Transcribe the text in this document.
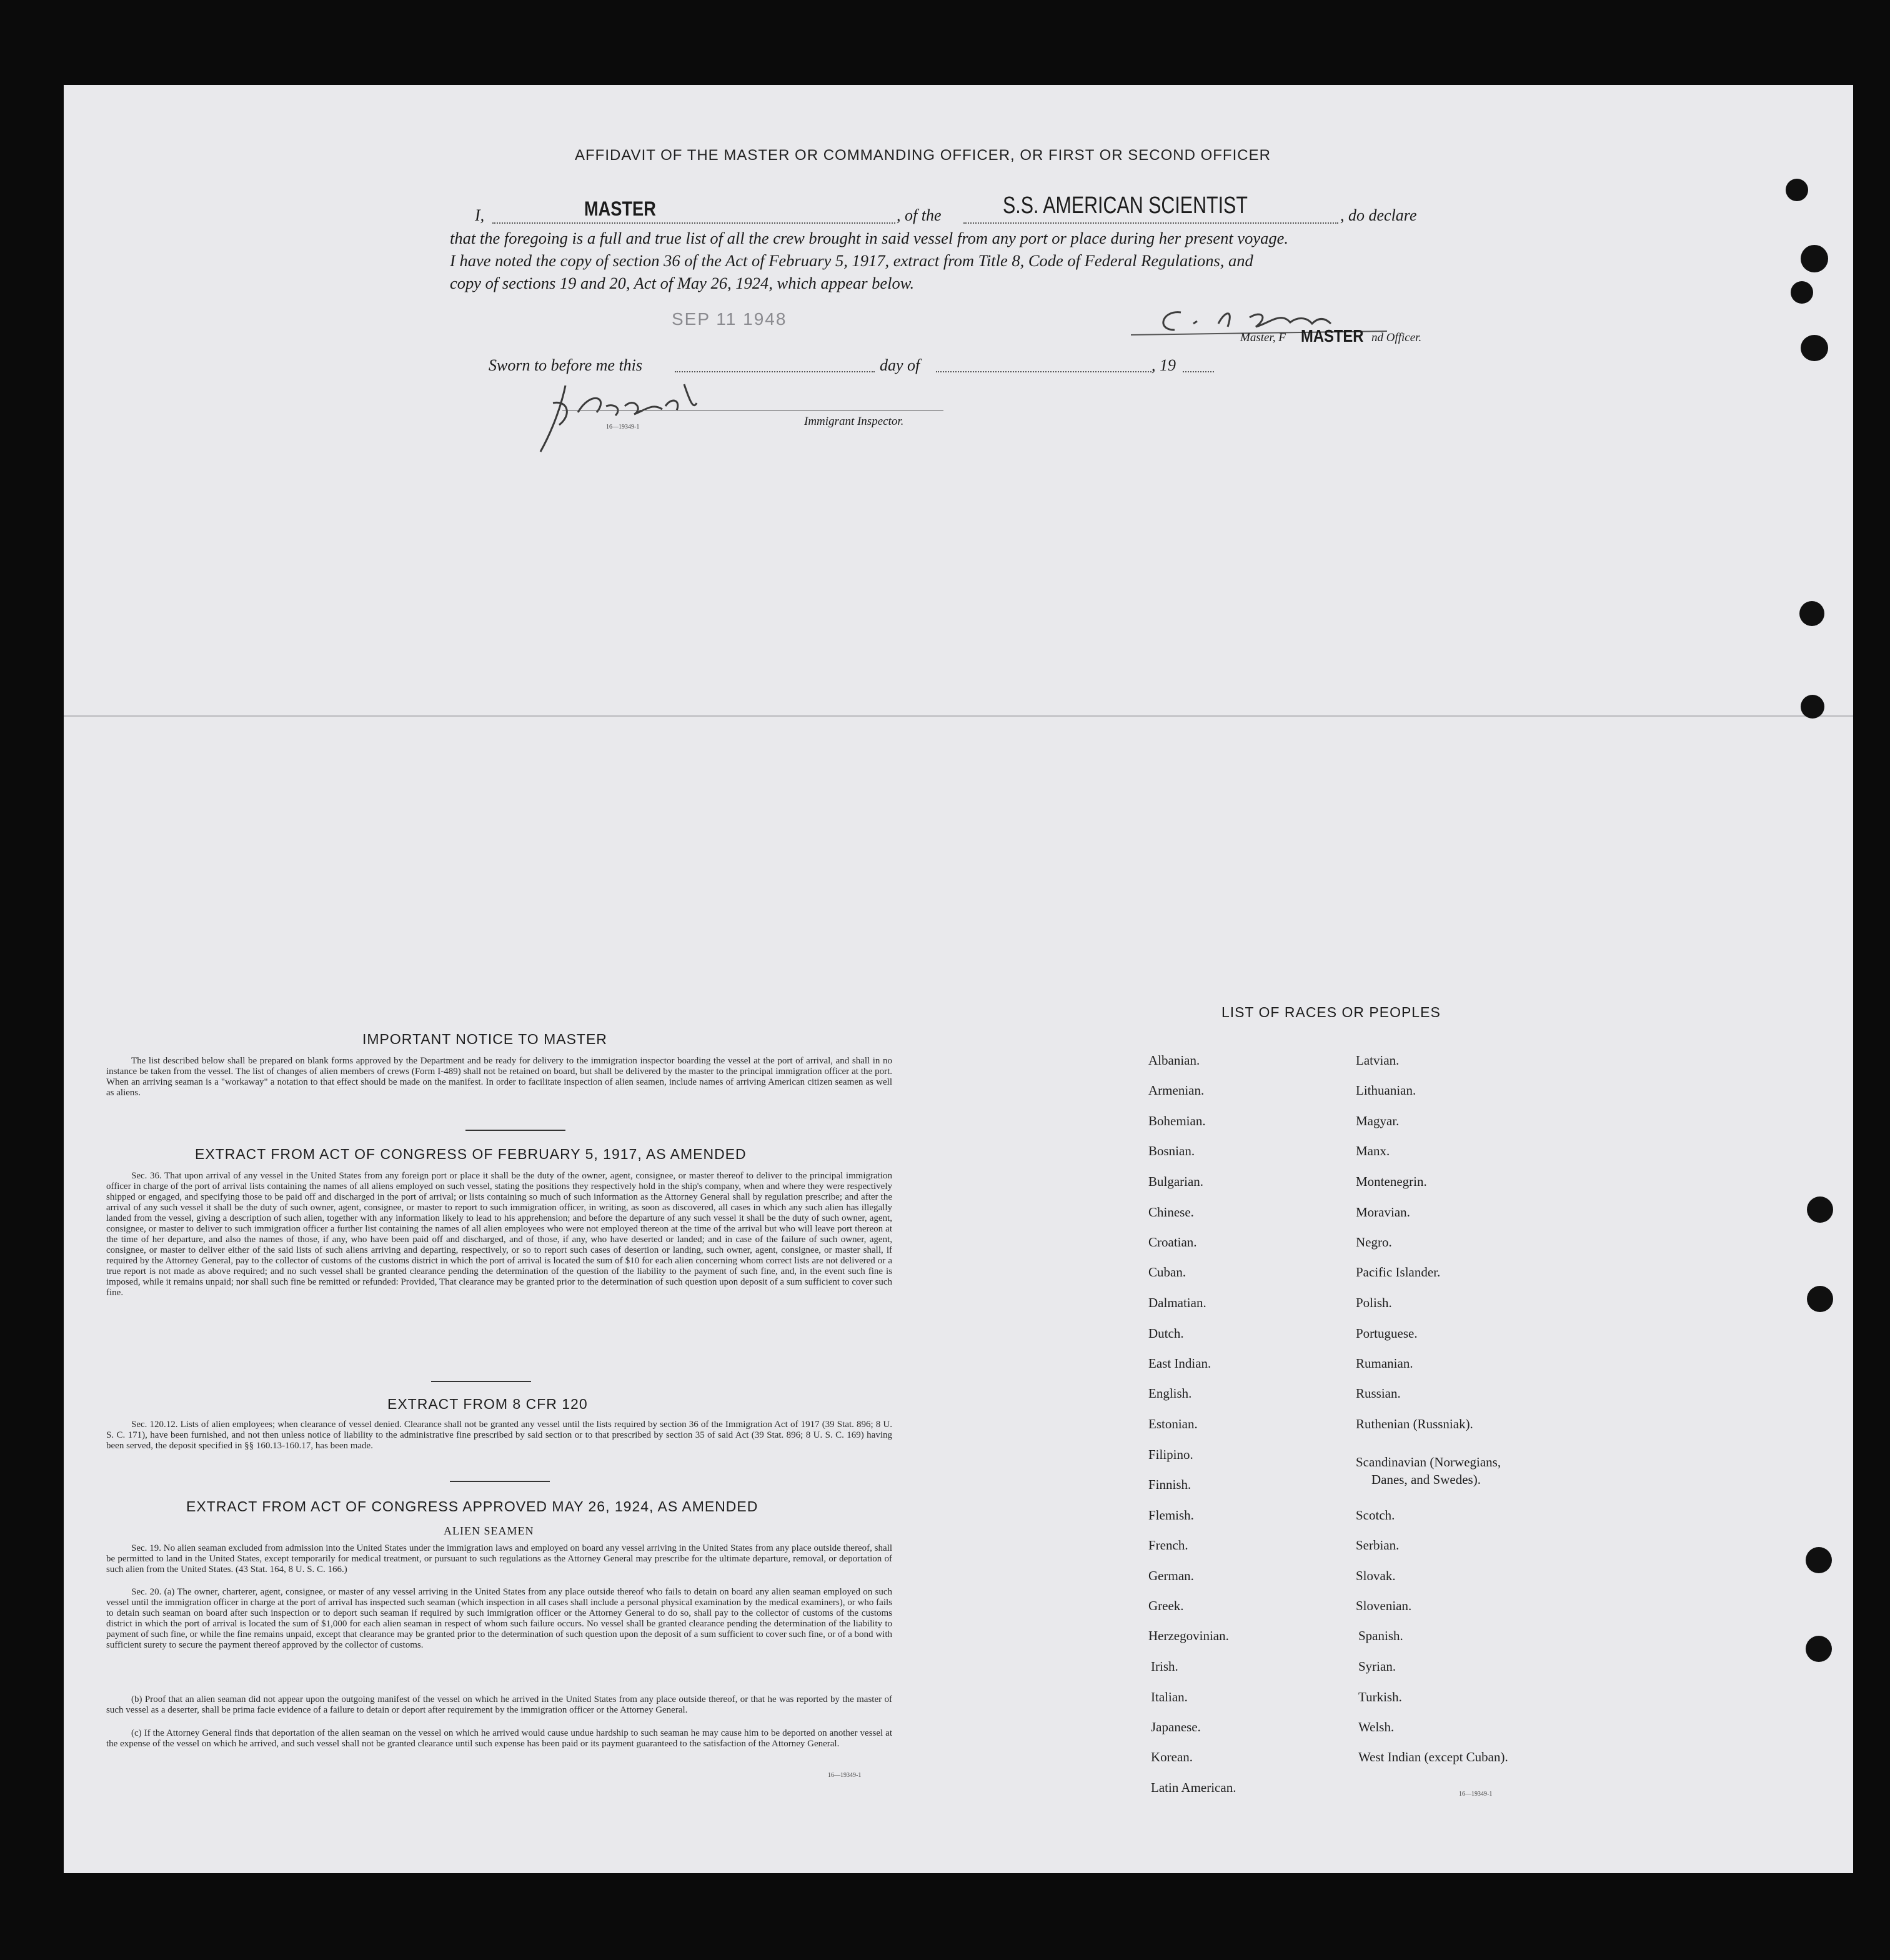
AFFIDAVIT OF THE MASTER OR COMMANDING OFFICER, OR FIRST OR SECOND OFFICER
I,	MASTER	, of the	S.S. AMERICAN SCIENTIST	, do declare
that the foregoing is a full and true list of all the crew brought in said vessel from any port or place during her present voyage.
I have noted the copy of section 36 of the Act of February 5, 1917, extract from Title 8, Code of Federal Regulations, and
copy of sections 19 and 20, Act of May 26, 1924, which appear below.
SEP 11 1948
Master, F MASTER nd Officer.
Sworn to before me this	day of	, 19
16—19349-1	Immigrant Inspector.
IMPORTANT NOTICE TO MASTER
The list described below shall be prepared on blank forms approved by the Department and be ready for delivery to the immigration inspector boarding the vessel at the port of arrival, and shall in no instance be taken from the vessel. The list of changes of alien members of crews (Form I-489) shall not be retained on board, but shall be delivered by the master to the principal immigration officer at the port. When an arriving seaman is a "workaway" a notation to that effect should be made on the manifest. In order to facilitate inspection of alien seamen, include names of arriving American citizen seamen as well as aliens.
EXTRACT FROM ACT OF CONGRESS OF FEBRUARY 5, 1917, AS AMENDED
Sec. 36. That upon arrival of any vessel in the United States from any foreign port or place it shall be the duty of the owner, agent, consignee, or master thereof to deliver to the principal immigration officer in charge of the port of arrival lists containing the names of all aliens employed on such vessel, stating the positions they respectively hold in the ship's company, when and where they were respectively shipped or engaged, and specifying those to be paid off and discharged in the port of arrival; or lists containing so much of such information as the Attorney General shall by regulation prescribe; and after the arrival of any such vessel it shall be the duty of such owner, agent, consignee, or master to report to such immigration officer, in writing, as soon as discovered, all cases in which any such alien has illegally landed from the vessel, giving a description of such alien, together with any information likely to lead to his apprehension; and before the departure of any such vessel it shall be the duty of such owner, agent, consignee, or master to deliver to such immigration officer a further list containing the names of all alien employees who were not employed thereon at the time of the arrival but who will leave port thereon at the time of her departure, and also the names of those, if any, who have been paid off and discharged, and of those, if any, who have deserted or landed; and in case of the failure of such owner, agent, consignee, or master to deliver either of the said lists of such aliens arriving and departing, respectively, or so to report such cases of desertion or landing, such owner, agent, consignee, or master shall, if required by the Attorney General, pay to the collector of customs of the customs district in which the port of arrival is located the sum of $10 for each alien concerning whom correct lists are not delivered or a true report is not made as above required; and no such vessel shall be granted clearance pending the determination of the question of the liability to the payment of such fine, and, in the event such fine is imposed, while it remains unpaid; nor shall such fine be remitted or refunded: Provided, That clearance may be granted prior to the determination of such question upon deposit of a sum sufficient to cover such fine.
EXTRACT FROM 8 CFR 120
Sec. 120.12. Lists of alien employees; when clearance of vessel denied. Clearance shall not be granted any vessel until the lists required by section 36 of the Immigration Act of 1917 (39 Stat. 896; 8 U. S. C. 171), have been furnished, and not then unless notice of liability to the administrative fine prescribed by said section or to that prescribed by section 35 of said Act (39 Stat. 896; 8 U. S. C. 169) having been served, the deposit specified in §§ 160.13-160.17, has been made.
EXTRACT FROM ACT OF CONGRESS APPROVED MAY 26, 1924, AS AMENDED
ALIEN SEAMEN
Sec. 19. No alien seaman excluded from admission into the United States under the immigration laws and employed on board any vessel arriving in the United States from any place outside thereof, shall be permitted to land in the United States, except temporarily for medical treatment, or pursuant to such regulations as the Attorney General may prescribe for the ultimate departure, removal, or deportation of such alien from the United States. (43 Stat. 164, 8 U. S. C. 166.)
Sec. 20. (a) The owner, charterer, agent, consignee, or master of any vessel arriving in the United States from any place outside thereof who fails to detain on board any alien seaman employed on such vessel until the immigration officer in charge at the port of arrival has inspected such seaman (which inspection in all cases shall include a personal physical examination by the medical examiners), or who fails to detain such seaman on board after such inspection or to deport such seaman if required by such immigration officer or the Attorney General to do so, shall pay to the collector of customs of the customs district in which the port of arrival is located the sum of $1,000 for each alien seaman in respect of whom such failure occurs. No vessel shall be granted clearance pending the determination of the liability to payment of such fine, or while the fine remains unpaid, except that clearance may be granted prior to the determination of such question upon the deposit of a sum sufficient to cover such fine, or of a bond with sufficient surety to secure the payment thereof approved by the collector of customs.
(b) Proof that an alien seaman did not appear upon the outgoing manifest of the vessel on which he arrived in the United States from any place outside thereof, or that he was reported by the master of such vessel as a deserter, shall be prima facie evidence of a failure to detain or deport after requirement by the immigration officer or the Attorney General.
(c) If the Attorney General finds that deportation of the alien seaman on the vessel on which he arrived would cause undue hardship to such seaman he may cause him to be deported on another vessel at the expense of the vessel on which he arrived, and such vessel shall not be granted clearance until such expense has been paid or its payment guaranteed to the satisfaction of the Attorney General.
16—19349-1
LIST OF RACES OR PEOPLES
Albanian.
Armenian.
Bohemian.
Bosnian.
Bulgarian.
Chinese.
Croatian.
Cuban.
Dalmatian.
Dutch.
East Indian.
English.
Estonian.
Filipino.
Finnish.
Flemish.
French.
German.
Greek.
Herzegovinian.
Irish.
Italian.
Japanese.
Korean.
Latin American.
Latvian.
Lithuanian.
Magyar.
Manx.
Montenegrin.
Moravian.
Negro.
Pacific Islander.
Polish.
Portuguese.
Rumanian.
Russian.
Ruthenian (Russniak).
Scandinavian (Norwegians,
Danes, and Swedes).
Scotch.
Serbian.
Slovak.
Slovenian.
Spanish.
Syrian.
Turkish.
Welsh.
West Indian (except Cuban).
16—19349-1
